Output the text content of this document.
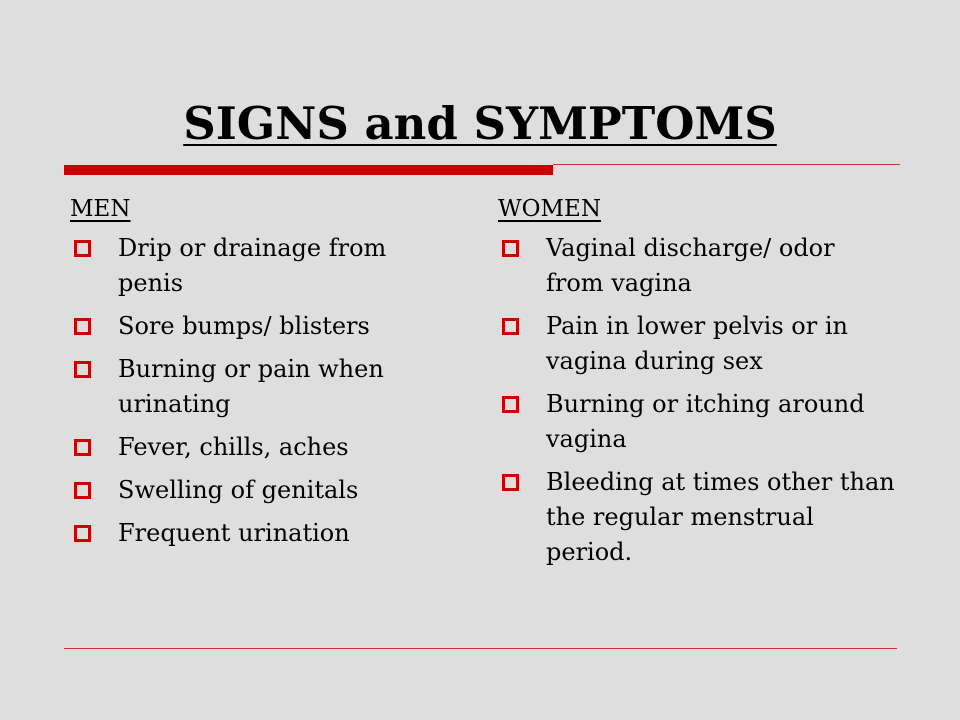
SIGNS and SYMPTOMS
MEN
Drip or drainage from penis
Sore bumps/ blisters
Burning or pain when urinating
Fever, chills, aches
Swelling of genitals
Frequent urination
WOMEN
Vaginal discharge/ odor from vagina
Pain in lower pelvis or in vagina during sex
Burning or itching around vagina
Bleeding at times other than the regular menstrual period.
